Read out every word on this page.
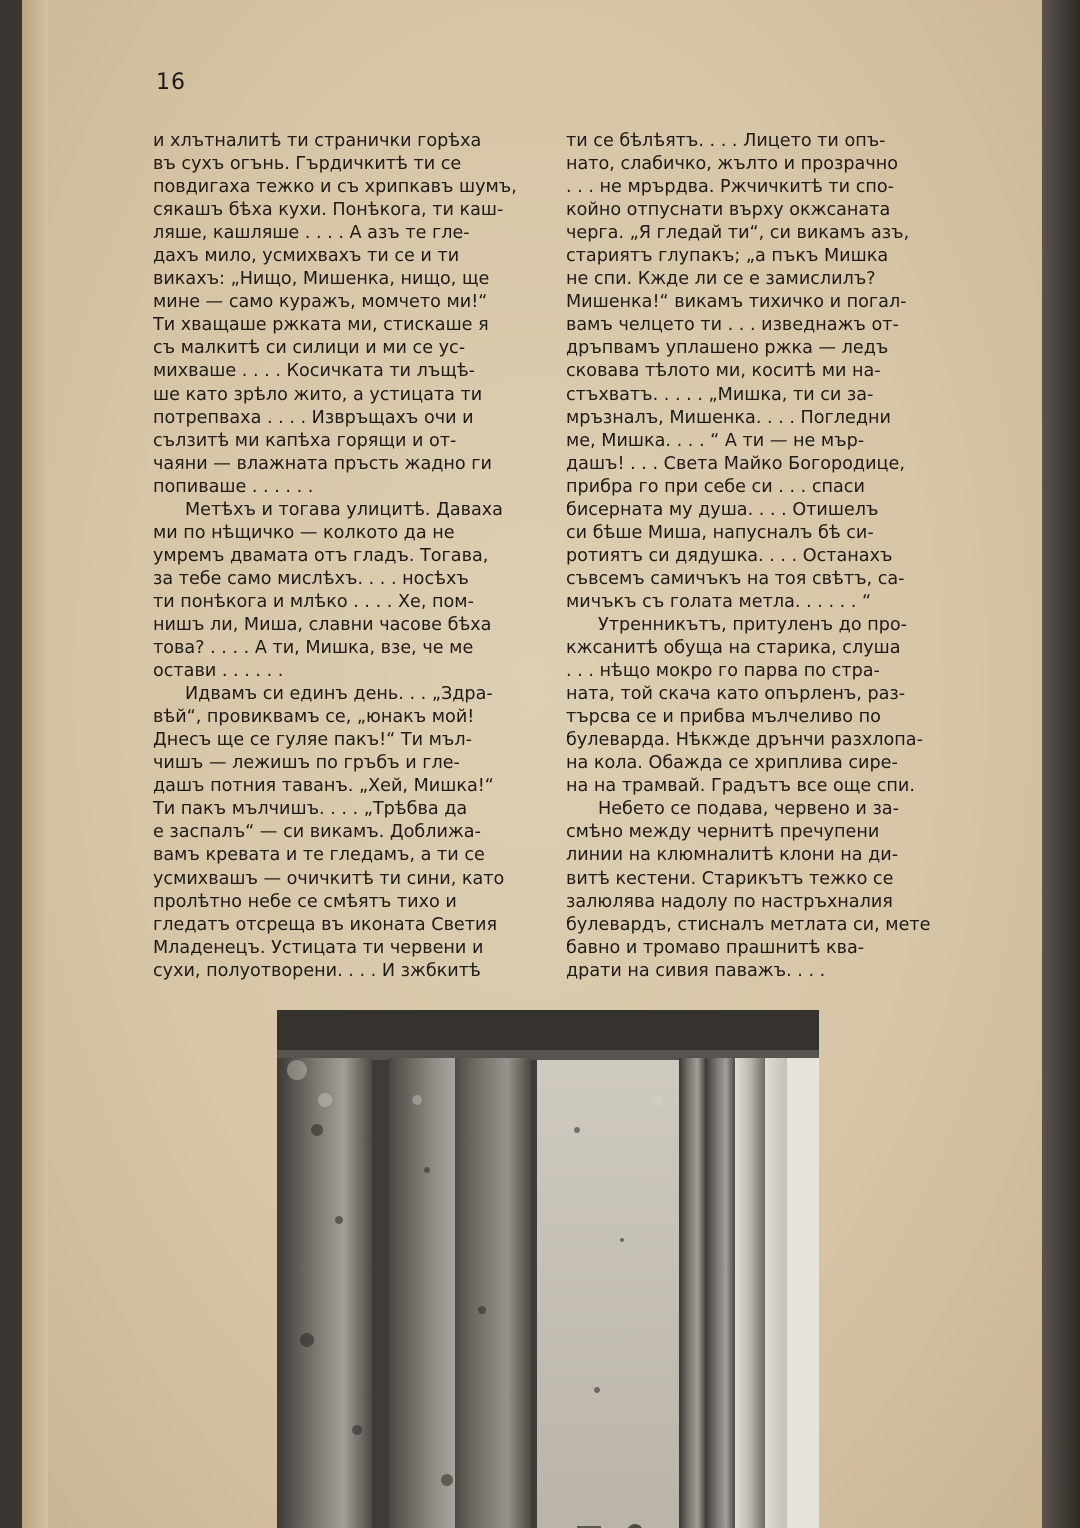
16

и хлътналитѣ ти странички горѣха
въ сухъ огънь. Гърдичкитѣ ти се
повдигаха тежко и съ хрипкавъ шумъ,
сякашъ бѣха кухи. Понѣкога, ти каш-
ляше, кашляше . . . . А азъ те гле-
дахъ мило, усмихвахъ ти се и ти
викахъ: „Нищо, Мишенка, нищо, ще
мине — само куражъ, момчето ми!“
Ти хващаше ржката ми, стискаше я
съ малкитѣ си силици и ми се ус-
михваше . . . . Косичката ти лъщѣ-
ше като зрѣло жито, а устицата ти
потрепваха . . . . Извръщахъ очи и
сълзитѣ ми капѣха горящи и от-
чаяни — влажната пръсть жадно ги
попиваше . . . . . .

Метѣхъ и тогава улицитѣ. Даваха
ми по нѣщичко — колкото да не
умремъ двамата отъ гладъ. Тогава,
за тебе само мислѣхъ. . . . носѣхъ
ти понѣкога и млѣко . . . . Хе, пом-
нишъ ли, Миша, славни часове бѣха
това? . . . . А ти, Мишка, взе, че ме
остави . . . . . .

Идвамъ си единъ день. . . „Здра-
вѣй“, провиквамъ се, „юнакъ мой!
Днесъ ще се гуляе пакъ!“ Ти мъл-
чишъ — лежишъ по гръбъ и гле-
дашъ потния таванъ. „Хей, Мишка!“
Ти пакъ мълчишъ. . . . „Трѣбва да
е заспалъ“ — си викамъ. Доближа-
вамъ кревата и те гледамъ, а ти се
усмихвашъ — очичкитѣ ти сини, като
пролѣтно небе се смѣятъ тихо и
гледатъ отсреща въ иконата Светия
Младенецъ. Устицата ти червени и
сухи, полуотворени. . . . И зжбкитѣ

ти се бѣлѣятъ. . . . Лицето ти опъ-
нато, слабичко, жълто и прозрачно
. . . не мрърдва. Ржчичкитѣ ти спо-
койно отпуснати върху окжсаната
черга. „Я гледай ти“, си викамъ азъ,
стариятъ глупакъ; „а пъкъ Мишка
не спи. Кжде ли се е замислилъ?
Мишенка!“ викамъ тихичко и погал-
вамъ челцето ти . . . изведнажъ от-
дръпвамъ уплашено ржка — ледъ
сковава тѣлото ми, коситѣ ми на-
стъхватъ. . . . . „Мишка, ти си за-
мръзналъ, Мишенка. . . . Погледни
ме, Мишка. . . . “ А ти — не мър-
дашъ! . . . Света Майко Богородице,
прибра го при себе си . . . спаси
бисерната му душа. . . . Отишелъ
си бѣше Миша, напусналъ бѣ си-
ротиятъ си дядушка. . . . Останахъ
съвсемъ самичъкъ на тоя свѣтъ, са-
мичъкъ съ голата метла. . . . . . “

Утренникътъ, притуленъ до про-
кжсанитѣ обуща на старика, слуша
. . . нѣщо мокро го парва по стра-
ната, той скача като опърленъ, раз-
търсва се и прибва мълчеливо по
булеварда. Нѣкжде дрънчи разхлопа-
на кола. Обажда се хриплива сире-
на на трамвай. Градътъ все още спи.

Небето се подава, червено и за-
смѣно между чернитѣ пречупени
линии на клюмналитѣ клони на ди-
витѣ кестени. Старикътъ тежко се
залюлява надолу по настръхналия
булевардъ, стисналъ метлата си, мете
бавно и тромаво прашнитѣ ква-
драти на сивия паважъ. . . .
